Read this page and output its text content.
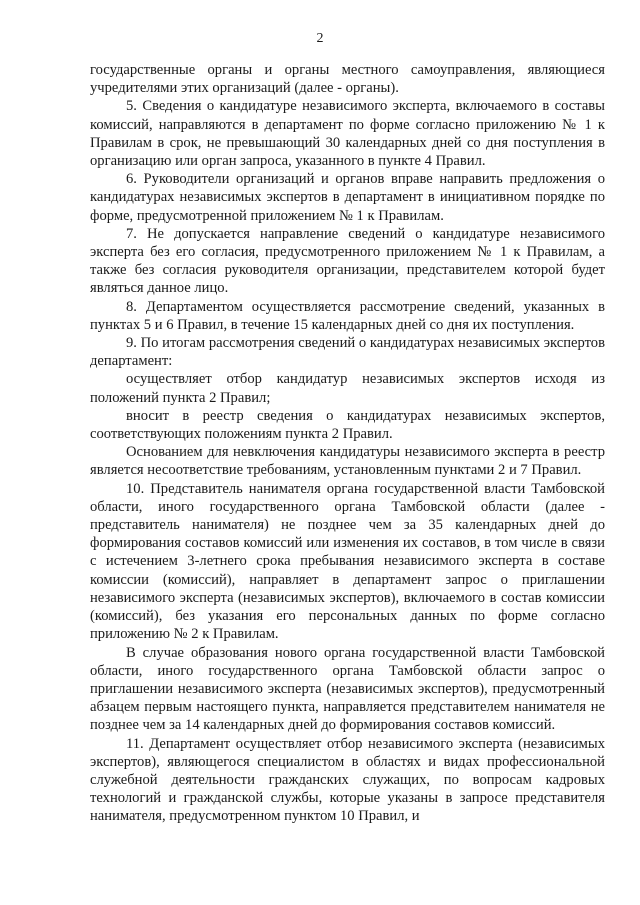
2

государственные органы и органы местного самоуправления, являющиеся учредителями этих организаций (далее - органы).

5. Сведения о кандидатуре независимого эксперта, включаемого в составы комиссий, направляются в департамент по форме согласно приложению № 1 к Правилам в срок, не превышающий 30 календарных дней со дня поступления в организацию или орган запроса, указанного в пункте 4 Правил.

6. Руководители организаций и органов вправе направить предложения о кандидатурах независимых экспертов в департамент в инициативном порядке по форме, предусмотренной приложением № 1 к Правилам.

7. Не допускается направление сведений о кандидатуре независимого эксперта без его согласия, предусмотренного приложением № 1 к Правилам, а также без согласия руководителя организации, представителем которой будет являться данное лицо.

8. Департаментом осуществляется рассмотрение сведений, указанных в пунктах 5 и 6 Правил, в течение 15 календарных дней со дня их поступления.

9. По итогам рассмотрения сведений о кандидатурах независимых экспертов департамент:

осуществляет отбор кандидатур независимых экспертов исходя из положений пункта 2 Правил;

вносит в реестр сведения о кандидатурах независимых экспертов, соответствующих положениям пункта 2 Правил.

Основанием для невключения кандидатуры независимого эксперта в реестр является несоответствие требованиям, установленным пунктами 2 и 7 Правил.

10. Представитель нанимателя органа государственной власти Тамбовской области, иного государственного органа Тамбовской области (далее - представитель нанимателя) не позднее чем за 35 календарных дней до формирования составов комиссий или изменения их составов, в том числе в связи с истечением 3-летнего срока пребывания независимого эксперта в составе комиссии (комиссий), направляет в департамент запрос о приглашении независимого эксперта (независимых экспертов), включаемого в состав комиссии (комиссий), без указания его персональных данных по форме согласно приложению № 2 к Правилам.

В случае образования нового органа государственной власти Тамбовской области, иного государственного органа Тамбовской области запрос о приглашении независимого эксперта (независимых экспертов), предусмотренный абзацем первым настоящего пункта, направляется представителем нанимателя не позднее чем за 14 календарных дней до формирования составов комиссий.

11. Департамент осуществляет отбор независимого эксперта (независимых экспертов), являющегося специалистом в областях и видах профессиональной служебной деятельности гражданских служащих, по вопросам кадровых технологий и гражданской службы, которые указаны в запросе представителя нанимателя, предусмотренном пунктом 10 Правил, и
